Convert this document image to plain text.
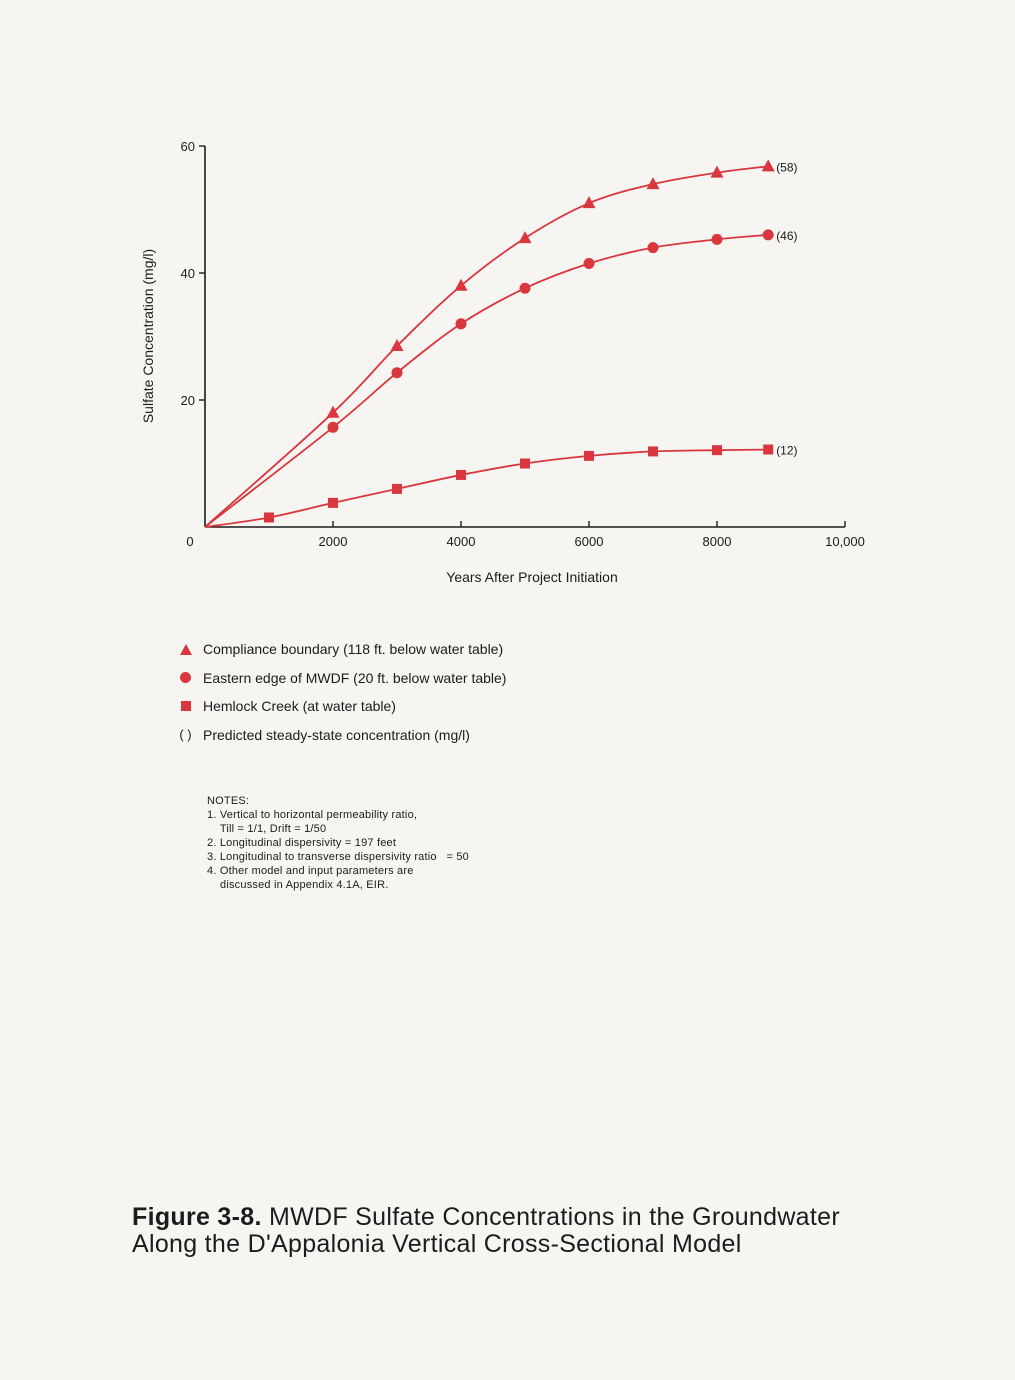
0	2000	4000	6000	8000	10,000
20
40
60
Years After Project Initiation
Sulfate Concentration (mg/l)
(58)
(46)
(12)
Compliance boundary (118 ft. below water table)
Eastern edge of MWDF (20 ft. below water table)
Hemlock Creek (at water table)
( ) Predicted steady-state concentration (mg/l)
NOTES:
1. Vertical to horizontal permeability ratio,
Till = 1/1, Drift = 1/50
2. Longitudinal dispersivity = 197 feet
3. Longitudinal to transverse dispersivity ratio   = 50
4. Other model and input parameters are
discussed in Appendix 4.1A, EIR.
Figure 3-8. MWDF Sulfate Concentrations in the Groundwater Along the D'Appalonia Vertical Cross-Sectional Model
